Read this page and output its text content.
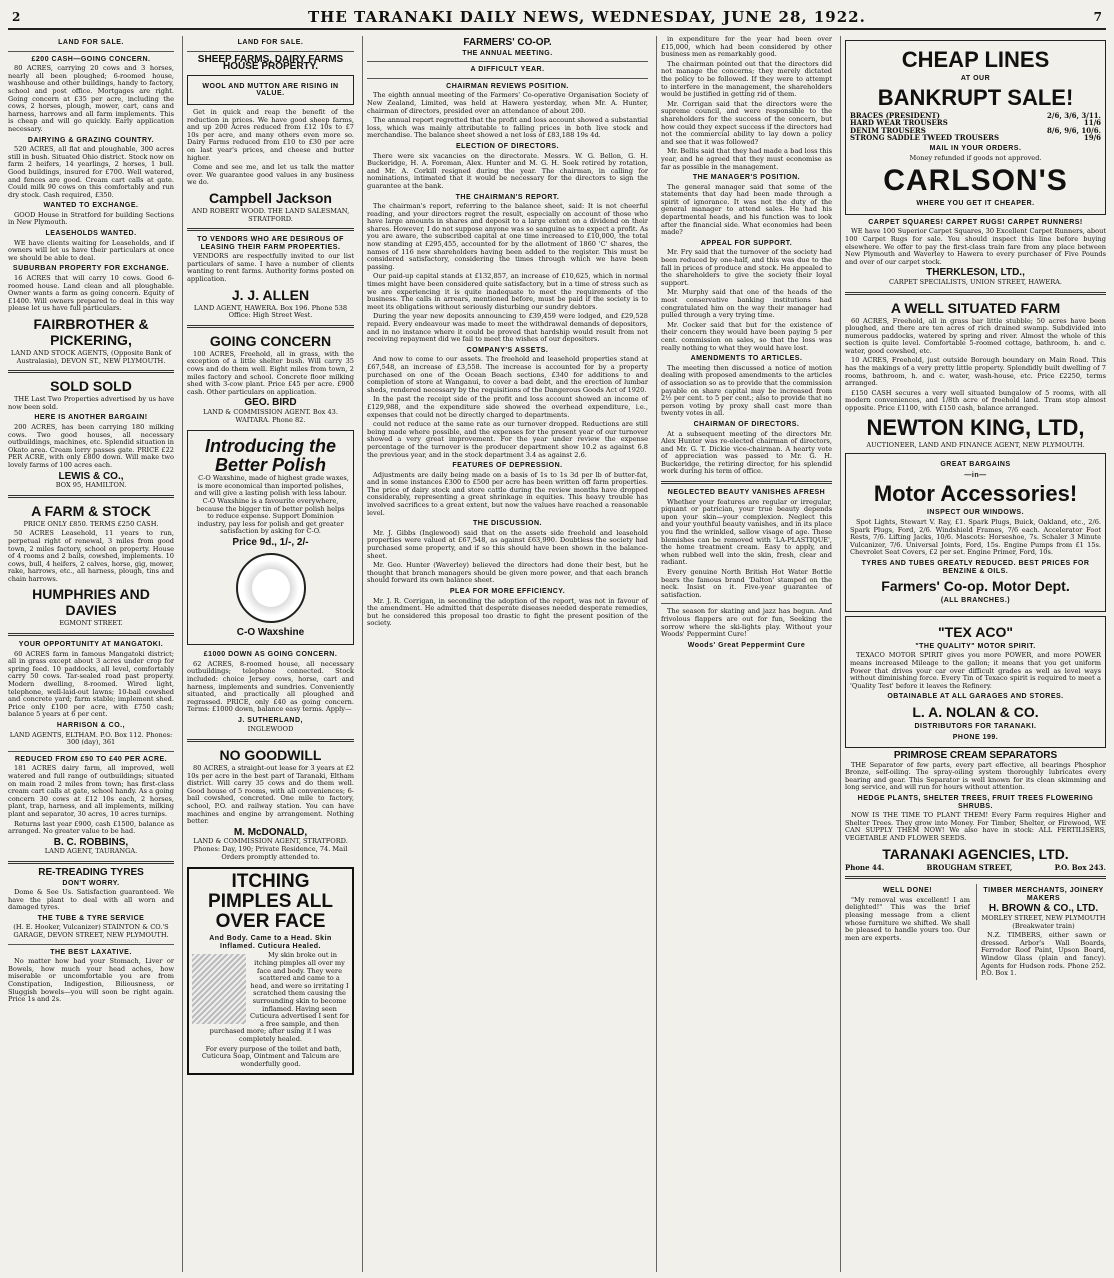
2	THE TARANAKI DAILY NEWS, WEDNESDAY, JUNE 28, 1922.	7
LAND FOR SALE.
£200 CASH—GOING CONCERN.

80 ACRES, carrying 20 cows and 3 horses, nearly all been ploughed; 6-roomed house, washhouse and other buildings, handy to factory, school and post office. Mortgages are right. Going concern at £35 per acre, including the cows, 2 horses, plough, mower, cart, cans and harness, harrows and all farm implements. This is cheap and will go quickly. Early application necessary.

DAIRYING & GRAZING COUNTRY.

520 ACRES, all flat and ploughable, 300 acres still in bush. Situated Ohio district. Stock now on farm 2 heifers, 14 yearlings, 2 horses, 1 bull. Good buildings, insured for £700. Well watered, and fences are good. Cream cart calls at gate. Could milk 90 cows on this comfortably and run dry stock. Cash required, £350.

WANTED TO EXCHANGE.

GOOD House in Stratford for building Sections in New Plymouth.

LEASEHOLDS WANTED.

WE have clients waiting for Leaseholds, and if owners will let us have their particulars at once we should be able to deal.

SUBURBAN PROPERTY FOR EXCHANGE.

16 ACRES that will carry 10 cows. Good 6-roomed house. Land clean and all ploughable. Owner wants a farm as going concern. Equity of £1400. Will owners prepared to deal in this way please let us have full particulars.

FAIRBROTHER & PICKERING,

LAND AND STOCK AGENTS, (Opposite Bank of Australasia), DEVON ST., NEW PLYMOUTH.

SOLD SOLD

THE Last Two Properties advertised by us have now been sold.

HERE IS ANOTHER BARGAIN!

200 ACRES, has been carrying 180 milking cows. Two good houses, all necessary outbuildings, machines, etc. Splendid situation in Okato area. Cream lorry passes gate. PRICE £22 PER ACRE, with only £800 down. Will make two lovely farms of 100 acres each.

LEWIS & CO.,

BOX 95, HAMILTON.

A FARM & STOCK

PRICE ONLY £850. TERMS £250 CASH.

50 ACRES Leasehold, 11 years to run, perpetual right of renewal, 3 miles from good town, 2 miles factory, school on property. House of 4 rooms and 2 bails, cowshed, implements. 10 cows, bull, 4 heifers, 2 calves, horse, gig, mower, rake, harrows, etc., all harness, plough, tins and chain harrows.

HUMPHRIES AND DAVIES

EGMONT STREET.

YOUR OPPORTUNITY AT MANGATOKI.

60 ACRES farm in famous Mangatoki district; all in grass except about 3 acres under crop for spring feed. 10 paddocks, all level, comfortably carry 50 cows. Tar-sealed road past property. Modern dwelling, 8-roomed. Wired light, telephone, well-laid-out lawns; 10-bail cowshed and concrete yard; farm stable; implement shed. Price only £100 per acre, with £750 cash; balance 5 years at 6 per cent.

HARRISON & CO.,

LAND AGENTS, ELTHAM. P.O. Box 112. Phones: 300 (day), 361

REDUCED FROM £50 TO £40 PER ACRE.

181 ACRES dairy farm, all improved, well watered and full range of outbuildings; situated on main road 2 miles from town; has first-class cream cart calls at gate, school handy. As a going concern 30 cows at £12 10s each, 2 horses, plant, trap, harness, and all implements, milking plant and separator, 30 acres, 10 acres turnips.

Returns last year £900, cash £1500, balance as arranged. No greater value to be had.

B. C. ROBBINS,

LAND AGENT, TAURANGA.

RE-TREADING TYRES
DON'T WORRY.

Dome & See Us. Satisfaction guaranteed. We have the plant to deal with all worn and damaged tyres.

THE TUBE & TYRE SERVICE

(H. E. Hooker, Vulcanizer) STAINTON & CO.'S GARAGE, DEVON STREET, NEW PLYMOUTH.

THE BEST LAXATIVE.

No matter how bad your Stomach, Liver or Bowels, how much your head aches, how miserable or uncomfortable you are from Constipation, Indigestion, Biliousness, or Sluggish bowels—you will soon be right again. Price 1s and 2s.

LAND FOR SALE.
SHEEP FARMS, DAIRY FARMS HOUSE PROPERTY.
WOOL AND MUTTON ARE RISING IN VALUE.

Get in quick and reap the benefit of the reduction in prices. We have good sheep farms, and up 200 Acres reduced from £12 10s to £7 10s per acre, and many others even more so. Dairy Farms reduced from £10 to £30 per acre on last year's prices, and cheese and butter higher.

Come and see me, and let us talk the matter over. We guarantee good values in any business we do.

Campbell Jackson

AND ROBERT WOOD. THE LAND SALESMAN, STRATFORD.

TO VENDORS WHO ARE DESIROUS OF LEASING THEIR FARM PROPERTIES.

VENDORS are respectfully invited to our list particulars of same. I have a number of clients wanting to rent farms. Authority forms posted on application.

J. J. ALLEN

LAND AGENT, HAWERA. Box 196. Phone 538 Office: High Street West.

GOING CONCERN

100 ACRES, Freehold, all in grass, with the exception of a little shelter bush. Will carry 35 cows and do them well. Eight miles from town, 2 miles factory and school. Concrete floor milking shed with 3-cow plant. Price £45 per acre. £900 cash. Other particulars on application.

GEO. BIRD

LAND & COMMISSION AGENT. Box 43. WAITARA. Phone 82.

Introducing the Better Polish

C-O Waxshine, made of highest grade waxes, is more economical than imported polishes, and will give a lasting polish with less labour. C-O Waxshine is a favourite everywhere, because the bigger tin of better polish helps to reduce expense. Support Dominion industry, pay less for polish and get greater satisfaction by asking for C-O.

Price 9d., 1/-, 2/-
C-O Waxshine
£1000 DOWN AS GOING CONCERN.

62 ACRES, 8-roomed house, all necessary outbuildings; telephone connected. Stock included: choice Jersey cows, horse, cart and harness, implements and sundries. Conveniently situated, and practically all ploughed and regrassed. PRICE, only £40 as going concern. Terms: £1000 down, balance easy terms. Apply—

J. SUTHERLAND,

INGLEWOOD

NO GOODWILL

80 ACRES, a straight-out lease for 3 years at £2 10s per acre in the best part of Taranaki, Eltham district. Will carry 35 cows and do them well. Good house of 5 rooms, with all conveniences; 6-bail cowshed, concreted. One mile to factory, school, P.O. and railway station. You can have machines and engine by arrangement. Nothing better.

M. McDONALD,

LAND & COMMISSION AGENT, STRATFORD. Phones: Day, 190; Private Residence, 74. Mail Orders promptly attended to.

ITCHING PIMPLES ALL OVER FACE
And Body. Came to a Head. Skin Inflamed. Cuticura Healed.

My skin broke out in itching pimples all over my face and body. They were scattered and came to a head, and were so irritating I scratched them causing the surrounding skin to become inflamed. Having seen Cuticura advertised I sent for a free sample, and then purchased more; after using it I was completely healed.

For every purpose of the toilet and bath, Cuticura Soap, Ointment and Talcum are wonderfully good.

FARMERS' CO-OP.
THE ANNUAL MEETING.
A DIFFICULT YEAR.
CHAIRMAN REVIEWS POSITION.

The eighth annual meeting of the Farmers' Co-operative Organisation Society of New Zealand, Limited, was held at Hawera yesterday, when Mr. A. Hunter, chairman of directors, presided over an attendance of about 200.

The annual report regretted that the profit and loss account showed a substantial loss, which was mainly attributable to falling prices in both live stock and merchandise. The balance sheet showed a net loss of £83,188 19s 4d.

ELECTION OF DIRECTORS.

There were six vacancies on the directorate. Messrs. W. G. Bellon, G. H. Buckeridge, H. A. Foreman, Alex. Hunter and M. G. H. Soek retired by rotation, and Mr. A. Corkill resigned during the year. The chairman, in calling for nominations, intimated that it would be necessary for the directors to sign the guarantee at the bank.

THE CHAIRMAN'S REPORT.

The chairman's report, referring to the balance sheet, said: It is not cheerful reading, and your directors regret the result, especially on account of those who have large amounts in shares and deposit to a large extent on a dividend on their shares. However, I do not suppose anyone was so sanguine as to expect a profit. As you are aware, the subscribed capital at one time increased to £10,000, the total now standing at £295,455, accounted for by the allotment of 1860 'C' shares, the names of 116 new shareholders having been added to the register. This must be considered satisfactory, considering the times through which we have been passing.

Our paid-up capital stands at £132,857, an increase of £10,625, which in normal times might have been considered quite satisfactory, but in a time of stress such as we are experiencing it is quite inadequate to meet the requirements of the business. The calls in arrears, mentioned before, must be paid if the society is to meet its obligations without seriously disturbing our sundry debtors.

During the year new deposits announcing to £39,459 were lodged, and £29,528 repaid. Every endeavour was made to meet the withdrawal demands of depositors, and in no instance where it could be proved that hardship would result from not receiving repayment did we fail to meet the wishes of our depositors.

COMPANY'S ASSETS.

And now to come to our assets. The freehold and leasehold properties stand at £67,548, an increase of £3,558. The increase is accounted for by a property purchased on one of the Ocean Beach sections, £340 for additions to and completion of store at Wanganui, to cover a bad debt, and the erection of lumbar sheds, rendered necessary by the requisitions of the Dangerous Goods Act of 1920.

In the past the receipt side of the profit and loss account showed an income of £129,988, and the expenditure side showed the overhead expenditure, i.e., expenses that could not be directly charged to departments.

could not reduce at the same rate as our turnover dropped. Reductions are still being made where possible, and the expenses for the present year of our turnover showed a very great improvement. For the year under review the expense percentage of the turnover is the producer department show 10.2 as against 6.8 the previous year, and in the stock department 3.4 as against 2.6.

FEATURES OF DEPRESSION.

Adjustments are daily being made on a basis of 1s to 1s 3d per lb of butter-fat, and in some instances £300 to £500 per acre has been written off farm properties. The price of dairy stock and store cattle during the review months have dropped considerably, representing a great shrinkage in equities. This heavy trouble has involved sacrifices to a great extent, but now the values have reached a reasonable level.

THE DISCUSSION.

Mr. J. Gibbs (Inglewood) said that on the assets side freehold and leasehold properties were valued at £67,548, as against £63,990. Doubtless the society had purchased some property, and if so this should have been shown in the balance-sheet.

Mr. Geo. Hunter (Waverley) believed the directors had done their best, but he thought that branch managers should be given more power, and that each branch should forward its own balance sheet.

PLEA FOR MORE EFFICIENCY.

Mr. J. R. Corrigan, in seconding the adoption of the report, was not in favour of the amendment. He admitted that desperate diseases needed desperate remedies, but he considered this proposal too drastic to fight the present position of the society.

in expenditure for the year had been over £15,000, which had been considered by other business men as remarkably good.

The chairman pointed out that the directors did not manage the concerns; they merely dictated the policy to be followed. If they were to attempt to interfere in the management, the shareholders would be justified in getting rid of them.

Mr. Corrigan said that the directors were the supreme council, and were responsible to the shareholders for the success of the concern, but how could they expect success if the directors had not the commercial ability to lay down a policy and see that it was followed?

Mr. Bellis said that they had made a bad loss this year, and he agreed that they must economise as far as possible in the management.

THE MANAGER'S POSITION.

The general manager said that some of the statements that day had been made through a spirit of ignorance. It was not the duty of the general manager to attend sales. He had his departmental heads, and his function was to look after the financial side. What economies had been made?

APPEAL FOR SUPPORT.

Mr. Fry said that the turnover of the society had been reduced by one-half, and this was due to the fall in prices of produce and stock. He appealed to the shareholders to give the society their loyal support.

Mr. Murphy said that one of the heads of the most conservative banking institutions had congratulated him on the way their manager had pulled through a very trying time.

Mr. Cocker said that but for the existence of their concern they would have been paying 5 per cent. commission on sales, so that the loss was really nothing to what they would have lost.

AMENDMENTS TO ARTICLES.

The meeting then discussed a notice of motion dealing with proposed amendments to the articles of association so as to provide that the commission payable on share capital may be increased from 2½ per cent. to 5 per cent.; also to provide that no person voting by proxy shall cast more than twenty votes in all.

CHAIRMAN OF DIRECTORS.

At a subsequent meeting of the directors Mr. Alex Hunter was re-elected chairman of directors, and Mr. G. T. Dickie vice-chairman. A hearty vote of appreciation was passed to Mr. G. H. Buckeridge, the retiring director, for his splendid work during his term of office.

NEGLECTED BEAUTY VANISHES AFRESH

Whether your features are regular or irregular, piquant or patrician, your true beauty depends upon your skin—your complexion. Neglect this and your youthful beauty vanishes, and in its place you find the wrinkled, sallow visage of age. These blemishes can be removed with 'LA-PLASTIQUE', the home treatment cream. Easy to apply, and when rubbed well into the skin, fresh, clear and radiant.

Every genuine North British Hot Water Bottle bears the famous brand 'Dalton' stamped on the neck. Insist on it. Five-year guarantee of satisfaction.

The season for skating and jazz has begun. And frivolous flappers are out for fun, Seeking the sorrow where the ski-lights play. Without your Woods' Peppermint Cure!

Woods' Great Peppermint Cure
CHEAP LINES
AT OUR
BANKRUPT SALE!
BRACES (PRESIDENT)	2/6, 3/6, 3/11.
HARD WEAR TROUSERS	11/6
DENIM TROUSERS	8/6, 9/6, 10/6.
STRONG SADDLE TWEED TROUSERS	19/6
MAIL IN YOUR ORDERS.

Money refunded if goods not approved.

CARLSON'S
WHERE YOU GET IT CHEAPER.
CARPET SQUARES! CARPET RUGS! CARPET RUNNERS!

WE have 100 Superior Carpet Squares, 30 Excellent Carpet Runners, about 100 Carpet Rugs for sale. You should inspect this line before buying elsewhere. We offer to pay the first-class train fare from any place between New Plymouth and Waverley to Hawera to every purchaser of Five Pounds and over of our carpet stock.

THERKLESON, LTD.,

CARPET SPECIALISTS, UNION STREET, HAWERA.

A WELL SITUATED FARM

60 ACRES, Freehold, all in grass bar little stubble; 50 acres have been ploughed, and there are ten acres of rich drained swamp. Subdivided into numerous paddocks, watered by spring and river. Almost the whole of this section is quite level. Comfortable 5-roomed cottage, bathroom, h. and c. water, good cowshed, etc.

10 ACRES, Freehold, just outside Borough boundary on Main Road. This has the makings of a very pretty little property. Splendidly built dwelling of 7 rooms, bathroom, h. and c. water, wash-house, etc. Price £2250, terms arranged.

£150 CASH secures a very well situated bungalow of 5 rooms, with all modern conveniences, and 1/8th acre of freehold land. Tram stop almost opposite. Price £1100, with £150 cash, balance arranged.

NEWTON KING, LTD,

AUCTIONEER, LAND AND FINANCE AGENT, NEW PLYMOUTH.

GREAT BARGAINS
—in—
Motor Accessories!
INSPECT OUR WINDOWS.

Spot Lights, Stewart V. Ray, £1. Spark Plugs, Buick, Oakland, etc., 2/6. Spark Plugs, Ford, 2/6. Windshield Frames, 7/6 each. Accelerator Foot Rests, 7/6. Lifting Jacks, 10/6. Mascots: Horseshoe, 7s. Schaler 3 Minute Vulcanizer, 7/6. Universal Joints, Ford, 15s. Engine Pumps from £1 15s. Chevrolet Seat Covers, £2 per set. Engine Primer, Ford, 10s.

TYRES AND TUBES GREATLY REDUCED. BEST PRICES FOR BENZINE & OILS.
Farmers' Co-op. Motor Dept.
(ALL BRANCHES.)
"TEX ACO"
"THE QUALITY" MOTOR SPIRIT.

TEXACO MOTOR SPIRIT gives you more POWER, and more POWER means increased Mileage to the gallon; it means that you get uniform Power that drives your car over difficult grades as well as level ways without diminishing force. Every Tin of Texaco spirit is required to meet a 'Quality Test' before it leaves the Refinery.

OBTAINABLE AT ALL GARAGES AND STORES.
L. A. NOLAN & CO.
DISTRIBUTORS FOR TARANAKI.
PHONE 199.
PRIMROSE CREAM SEPARATORS

THE Separator of few parts, every part effective, all bearings Phosphor Bronze, self-oiling. The spray-oiling system thoroughly lubricates every bearing and gear. This Separator is well known for its clean skimming and long service, and will run for hours without attention.

HEDGE PLANTS, SHELTER TREES, FRUIT TREES FLOWERING SHRUBS.

NOW IS THE TIME TO PLANT THEM! Every Farm requires Higher and Shelter Trees. They grow into Money. For Timber, Shelter, or Firewood, WE CAN SUPPLY THEM NOW! We also have in stock: ALL FERTILISERS, VEGETABLE AND FLOWER SEEDS.

TARANAKI AGENCIES, LTD.
Phone 44.	BROUGHAM STREET,	P.O. Box 243.
WELL DONE!

"My removal was excellent! I am delighted!" This was the brief pleasing message from a client whose furniture we shifted. We shall be pleased to handle yours too. Our men are experts.

TIMBER MERCHANTS, JOINERY MAKERS
H. BROWN & CO., LTD.

MORLEY STREET, NEW PLYMOUTH (Breakwater train)

N.Z. TIMBERS, either sawn or dressed. Arbor's Wall Boards, Ferrodor Roof Paint, Upson Board, Window Glass (plain and fancy). Agents for Hudson rods. Phone 252. P.O. Box 1.
